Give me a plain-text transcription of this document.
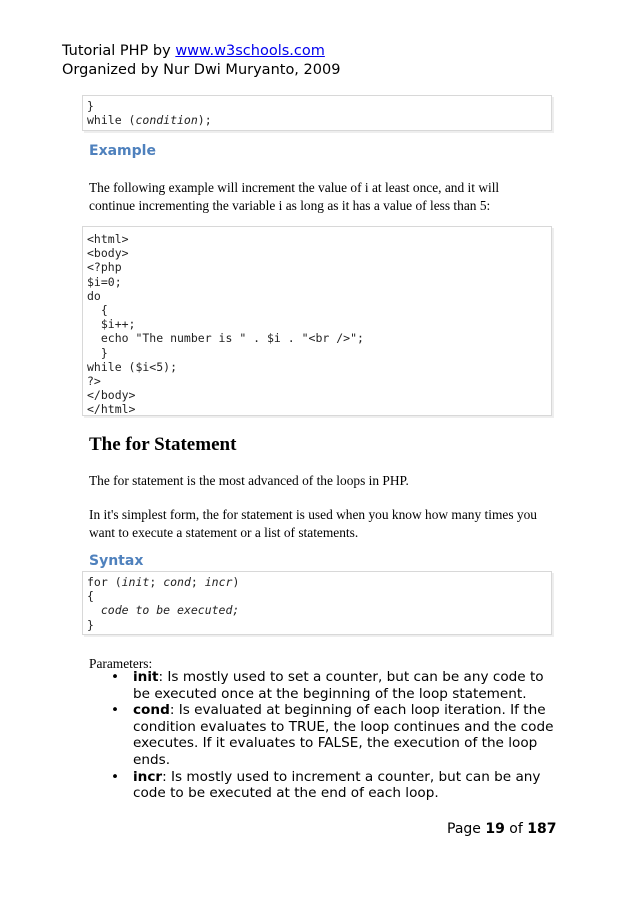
Tutorial PHP by www.w3schools.com
Organized by Nur Dwi Muryanto, 2009
}
while (condition);
Example
The following example will increment the value of i at least once, and it will
continue incrementing the variable i as long as it has a value of less than 5:
<html>
<body>
<?php
$i=0;
do
{
$i++;
echo "The number is " . $i . "<br />";
}
while ($i<5);
?>
</body>
</html>
The for Statement
The for statement is the most advanced of the loops in PHP.
In it's simplest form, the for statement is used when you know how many times you
want to execute a statement or a list of statements.
Syntax
for (init; cond; incr)
{
code to be executed;
}
Parameters:
• init: Is mostly used to set a counter, but can be any code to be executed once at the beginning of the loop statement.
• cond: Is evaluated at beginning of each loop iteration. If the condition evaluates to TRUE, the loop continues and the code executes. If it evaluates to FALSE, the execution of the loop ends.
• incr: Is mostly used to increment a counter, but can be any code to be executed at the end of each loop.
Page 19 of 187
